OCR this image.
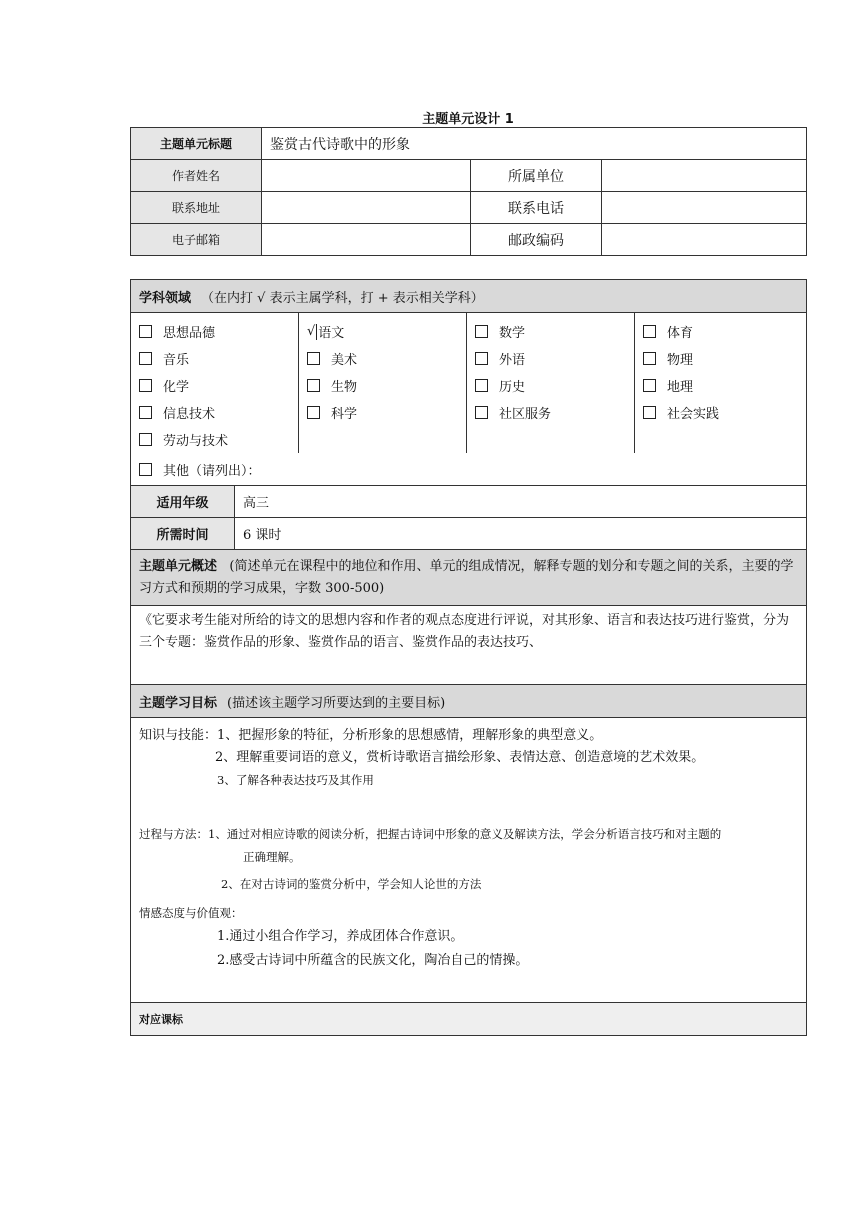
主题单元设计 1
主题单元标题	鉴赏古代诗歌中的形象		
作者姓名		所属单位	
联系地址		联系电话	
电子邮箱		邮政编码	
学科领域 （在内打 √ 表示主属学科，打 + 表示相关学科）
思想品德
音乐
化学
信息技术
劳动与技术
√ 语文
美术
生物
科学
数学
外语
历史
社区服务
体育
物理
地理
社会实践
其他（请列出）：
适用年级	高三
所需时间	6 课时
主题单元概述 (简述单元在课程中的地位和作用、单元的组成情况，解释专题的划分和专题之间的关系，主要的学习方式和预期的学习成果，字数 300-500)
《它要求考生能对所给的诗文的思想内容和作者的观点态度进行评说，对其形象、语言和表达技巧进行鉴赏，分为三个专题：鉴赏作品的形象、鉴赏作品的语言、鉴赏作品的表达技巧、
主题学习目标 (描述该主题学习所要达到的主要目标)
知识与技能：1、把握形象的特征，分析形象的思想感情，理解形象的典型意义。
2、理解重要词语的意义，赏析诗歌语言描绘形象、表情达意、创造意境的艺术效果。
3、了解各种表达技巧及其作用
过程与方法：1、通过对相应诗歌的阅读分析，把握古诗词中形象的意义及解读方法，学会分析语言技巧和对主题的
正确理解。
2、在对古诗词的鉴赏分析中，学会知人论世的方法
情感态度与价值观：
1.通过小组合作学习，养成团体合作意识。
2.感受古诗词中所蕴含的民族文化，陶冶自己的情操。
对应课标
